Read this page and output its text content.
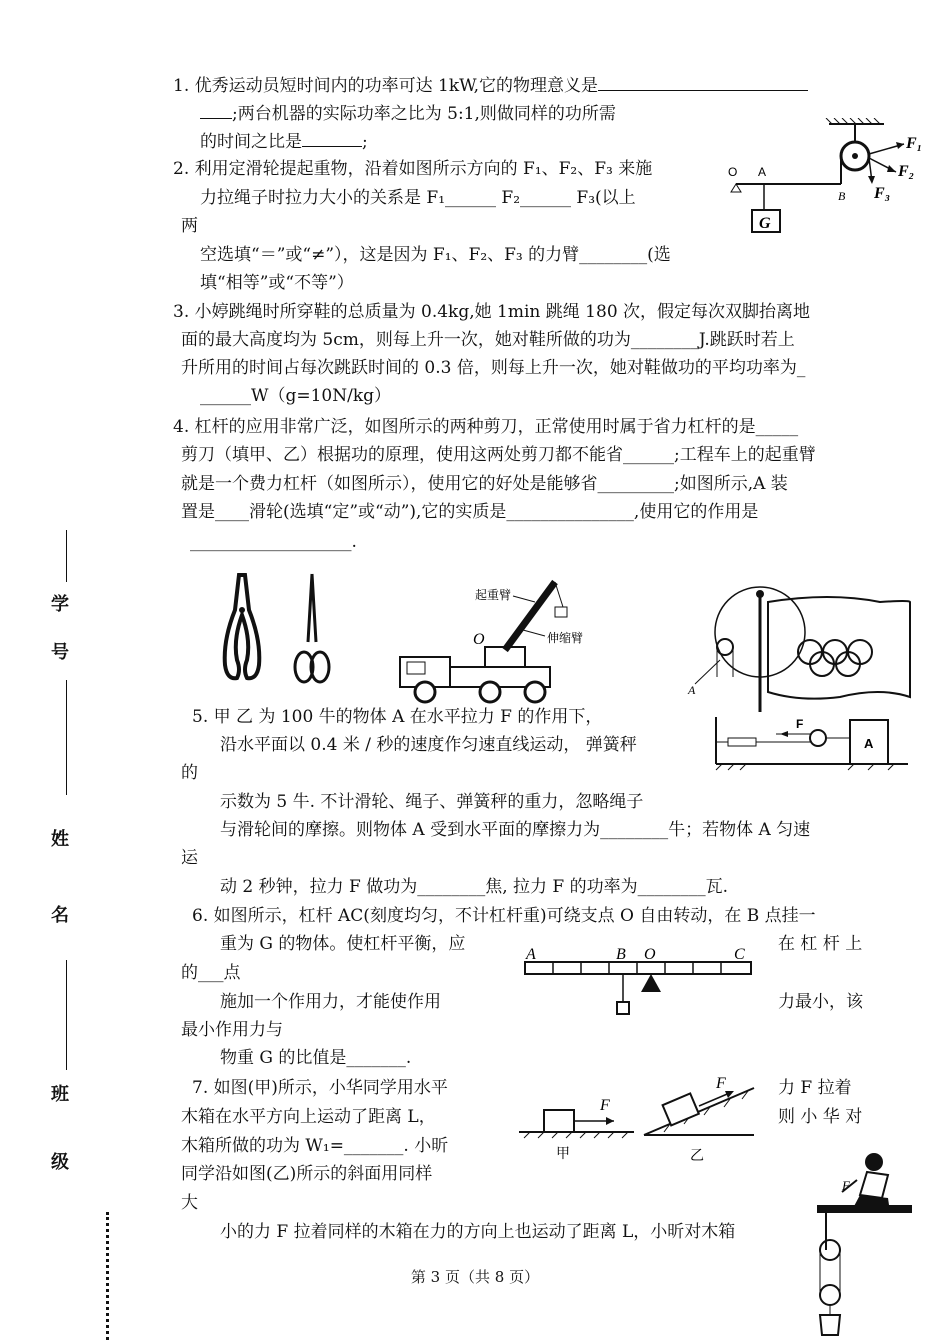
学
号
姓
名
班
级
1. 优秀运动员短时间内的功率可达 1kW,它的物理意义是
;两台机器的实际功率之比为 5:1,则做同样的功所需
的时间之比是	;
2. 利用定滑轮提起重物，沿着如图所示方向的 F₁、F₂、F₃ 来施
力拉绳子时拉力大小的关系是 F₁______ F₂______ F₃(以上
两
空选填“＝”或“≠”），这是因为 F₁、F₂、F₃ 的力臂________(选
填“相等”或“不等”）
G
O A
B
F₁
F₂
F₃
3. 小婷跳绳时所穿鞋的总质量为 0.4kg,她 1min 跳绳 180 次，假定每次双脚抬离地
面的最大高度均为 5cm，则每上升一次，她对鞋所做的功为________J.跳跃时若上
升所用的时间占每次跳跃时间的 0.3 倍，则每上升一次，她对鞋做功的平均功率为_
______W（g=10N/kg）
4. 杠杆的应用非常广泛，如图所示的两种剪刀，正常使用时属于省力杠杆的是_____
剪刀（填甲、乙）根据功的原理，使用这两处剪刀都不能省______;工程车上的起重臂
就是一个费力杠杆（如图所示），使用它的好处是能够省_________;如图所示,A 装
置是____滑轮(选填“定”或“动”),它的实质是_______________,使用它的作用是
___________________.
起重臂
O	伸缩臂
A
5. 甲 乙 为 100 牛的物体 A 在水平拉力 F 的作用下，
沿水平面以 0.4 米 / 秒的速度作匀速直线运动， 弹簧秤
的
示数为 5 牛. 不计滑轮、绳子、弹簧秤的重力，忽略绳子
与滑轮间的摩擦。则物体 A 受到水平面的摩擦力为________牛；若物体 A 匀速
运
动 2 秒钟，拉力 F 做功为________焦, 拉力 F 的功率为________瓦.
F
A
6. 如图所示，杠杆 AC(刻度均匀，不计杠杆重)可绕支点 O 自由转动，在 B 点挂一
重为 G 的物体。使杠杆平衡，应	在 杠 杆 上
的___点
施加一个作用力，才能使作用	力最小，该
最小作用力与
物重 G 的比值是_______.
A	B O	C
7. 如图(甲)所示，小华同学用水平	力 F 拉着
木箱在水平方向上运动了距离 L，	则 小 华 对
木箱所做的功为 W₁=_______. 小昕
同学沿如图(乙)所示的斜面用同样
大
小的力 F 拉着同样的木箱在力的方向上也运动了距离 L，小昕对木箱
F
甲
F
乙
F
第 3 页（共 8 页）
